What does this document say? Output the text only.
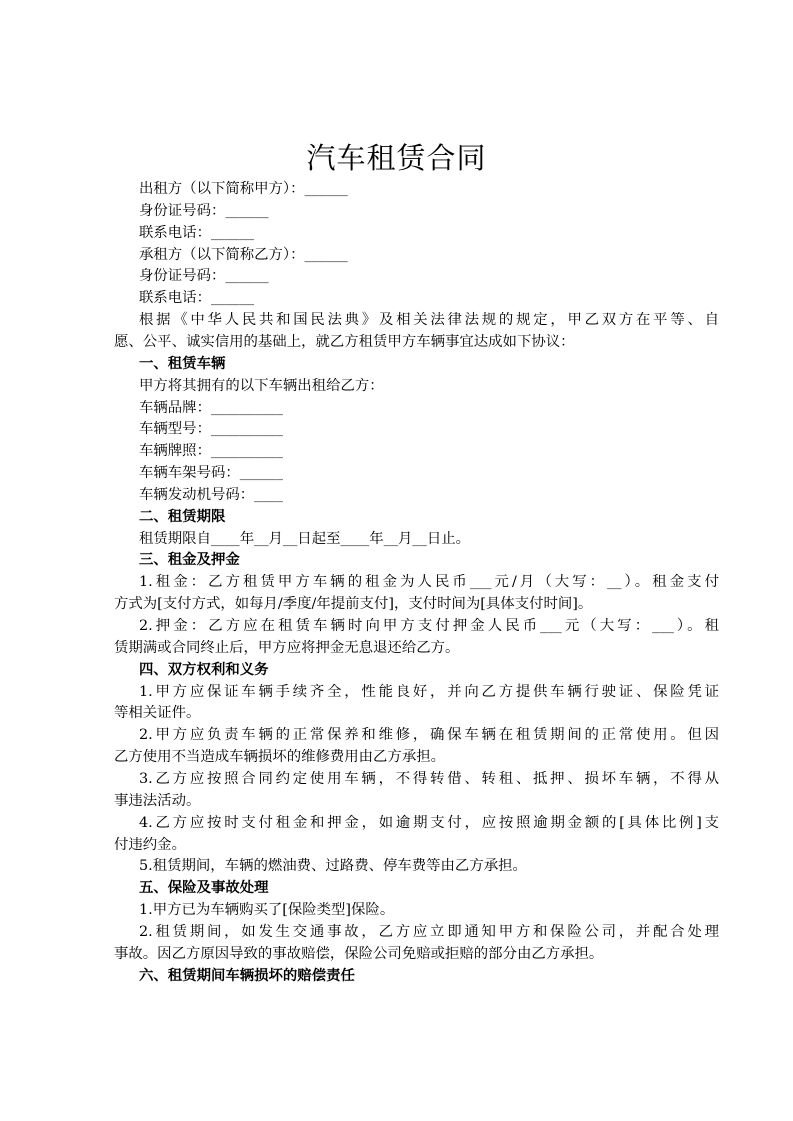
汽车租赁合同
出租方（以下简称甲方）：______
身份证号码：______
联系电话：______
承租方（以下简称乙方）：______
身份证号码：______
联系电话：______
根据《中华人民共和国民法典》及相关法律法规的规定，甲乙双方在平等、自
愿、公平、诚实信用的基础上，就乙方租赁甲方车辆事宜达成如下协议：
一、租赁车辆
甲方将其拥有的以下车辆出租给乙方：
车辆品牌：__________
车辆型号：__________
车辆牌照：__________
车辆车架号码：______
车辆发动机号码：____
二、租赁期限
租赁期限自____年__月__日起至____年__月__日止。
三、租金及押金
1.租金：乙方租赁甲方车辆的租金为人民币___元/月（大写：__）。租金支付
方式为[支付方式，如每月/季度/年提前支付]，支付时间为[具体支付时间]。
2.押金：乙方应在租赁车辆时向甲方支付押金人民币___元（大写：___）。租
赁期满或合同终止后，甲方应将押金无息退还给乙方。
四、双方权利和义务
1.甲方应保证车辆手续齐全，性能良好，并向乙方提供车辆行驶证、保险凭证
等相关证件。
2.甲方应负责车辆的正常保养和维修，确保车辆在租赁期间的正常使用。但因
乙方使用不当造成车辆损坏的维修费用由乙方承担。
3.乙方应按照合同约定使用车辆，不得转借、转租、抵押、损坏车辆，不得从
事违法活动。
4.乙方应按时支付租金和押金，如逾期支付，应按照逾期金额的[具体比例]支
付违约金。
5.租赁期间，车辆的燃油费、过路费、停车费等由乙方承担。
五、保险及事故处理
1.甲方已为车辆购买了[保险类型]保险。
2.租赁期间，如发生交通事故，乙方应立即通知甲方和保险公司，并配合处理
事故。因乙方原因导致的事故赔偿，保险公司免赔或拒赔的部分由乙方承担。
六、租赁期间车辆损坏的赔偿责任
